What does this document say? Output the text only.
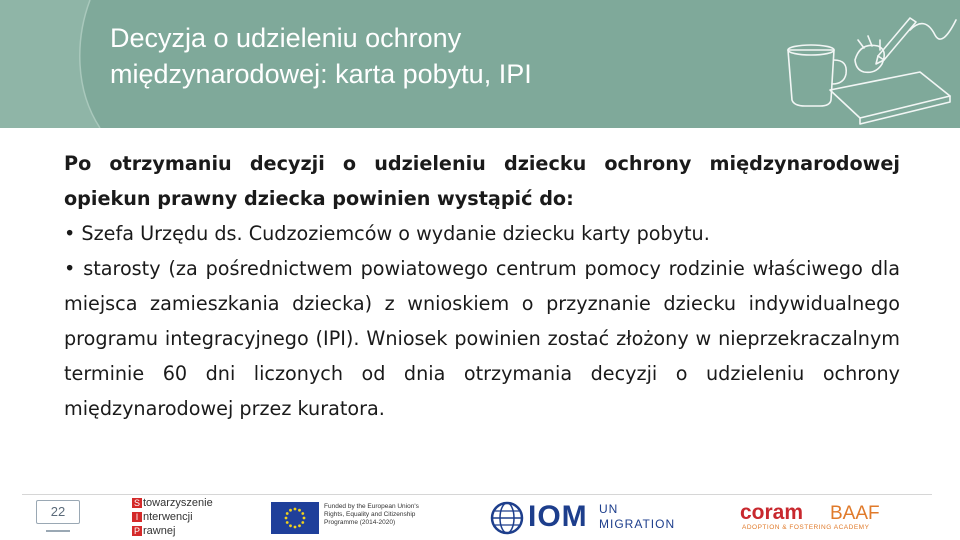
Decyzja o udzieleniu ochrony
międzynarodowej: karta pobytu, IPI

Po otrzymaniu decyzji o udzieleniu dziecku ochrony międzynarodowej opiekun prawny dziecka powinien wystąpić do:

• Szefa Urzędu ds. Cudzoziemców o wydanie dziecku karty pobytu.

• starosty (za pośrednictwem powiatowego centrum pomocy rodzinie właściwego dla miejsca zamieszkania dziecka) z wnioskiem o przyznanie dziecku indywidualnego programu integracyjnego (IPI). Wniosek powinien zostać złożony w nieprzekraczalnym terminie 60 dni liczonych od dnia otrzymania decyzji o udzieleniu ochrony międzynarodowej przez kuratora.

22
S towarzyszenie
I nterwencji
P rawnej
Funded by the European Union's
Rights, Equality and Citizenship
Programme (2014-2020)	IOM UN
MIGRATION	coram BAAF
ADOPTION & FOSTERING ACADEMY
